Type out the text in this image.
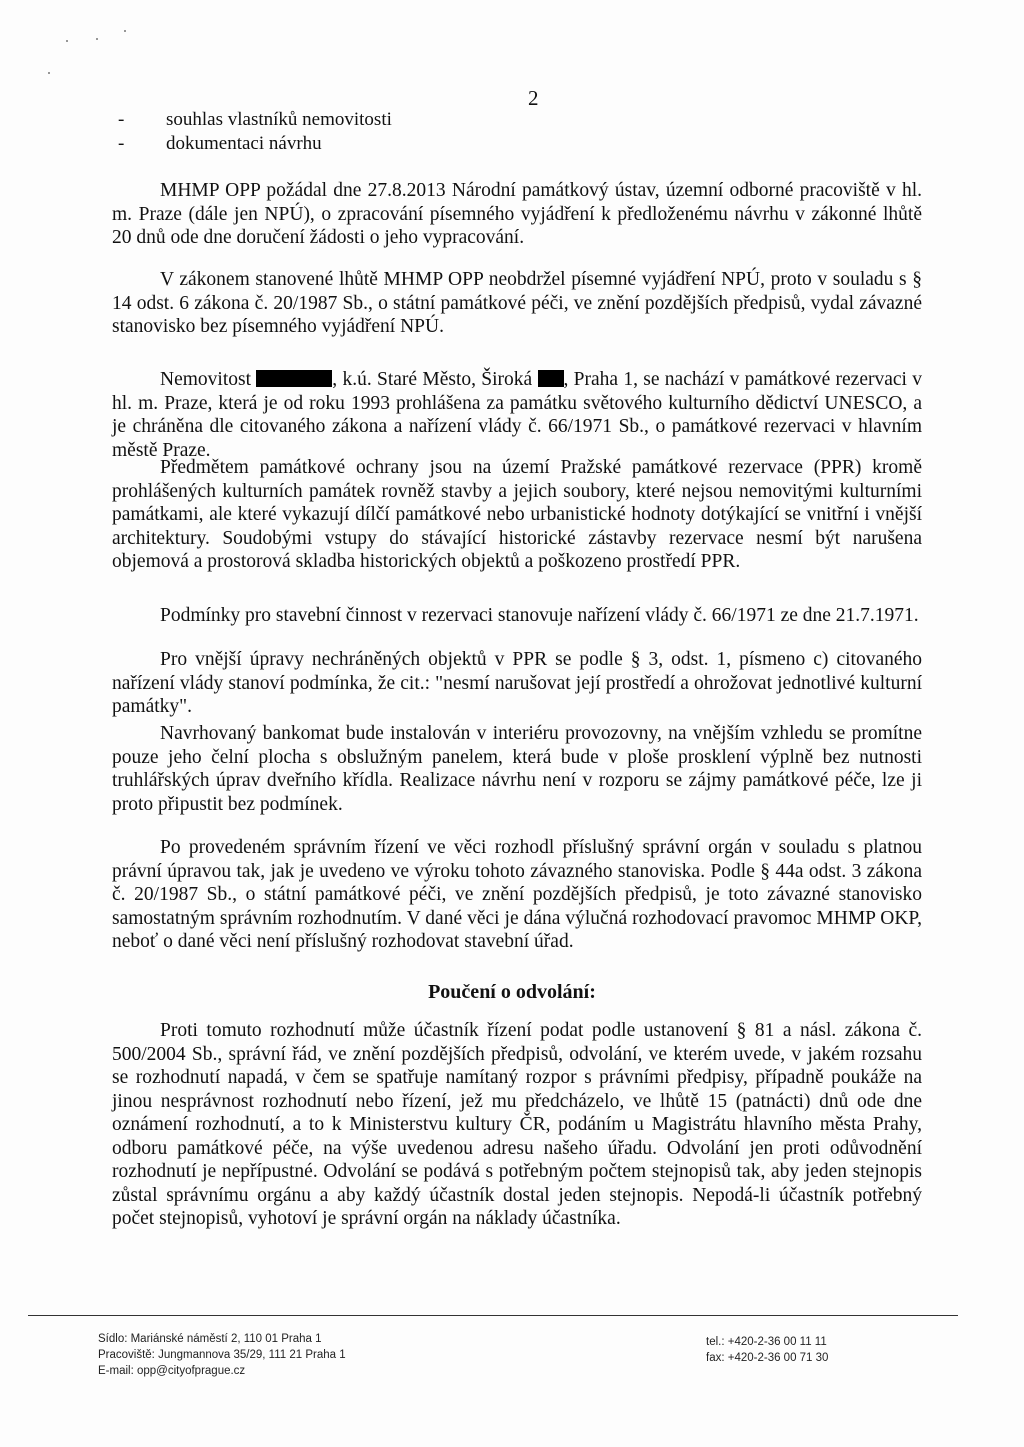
2
- souhlas vlastníků nemovitosti
- dokumentaci návrhu

MHMP OPP požádal dne 27.8.2013 Národní památkový ústav, územní odborné pracoviště v hl. m. Praze (dále jen NPÚ), o zpracování písemného vyjádření k předloženému návrhu v zákonné lhůtě 20 dnů ode dne doručení žádosti o jeho vypracování.

V zákonem stanovené lhůtě MHMP OPP neobdržel písemné vyjádření NPÚ, proto v souladu s § 14 odst. 6 zákona č. 20/1987 Sb., o státní památkové péči, ve znění pozdějších předpisů, vydal závazné stanovisko bez písemného vyjádření NPÚ.

Nemovitost	, k.ú. Staré Město, Široká , Praha 1, se nachází v památkové rezervaci v hl. m. Praze, která je od roku 1993 prohlášena za památku světového kulturního dědictví UNESCO, a je chráněna dle citovaného zákona a nařízení vlády č. 66/1971 Sb., o památkové rezervaci v hlavním městě Praze.

Předmětem památkové ochrany jsou na území Pražské památkové rezervace (PPR) kromě prohlášených kulturních památek rovněž stavby a jejich soubory, které nejsou nemovitými kulturními památkami, ale které vykazují dílčí památkové nebo urbanistické hodnoty dotýkající se vnitřní i vnější architektury. Soudobými vstupy do stávající historické zástavby rezervace nesmí být narušena objemová a prostorová skladba historických objektů a poškozeno prostředí PPR.

Podmínky pro stavební činnost v rezervaci stanovuje nařízení vlády č. 66/1971 ze dne 21.7.1971.

Pro vnější úpravy nechráněných objektů v PPR se podle § 3, odst. 1, písmeno c) citovaného nařízení vlády stanoví podmínka, že cit.: "nesmí narušovat její prostředí a ohrožovat jednotlivé kulturní památky".

Navrhovaný bankomat bude instalován v interiéru provozovny, na vnějším vzhledu se promítne pouze jeho čelní plocha s obslužným panelem, která bude v ploše prosklení výplně bez nutnosti truhlářských úprav dveřního křídla. Realizace návrhu není v rozporu se zájmy památkové péče, lze ji proto připustit bez podmínek.

Po provedeném správním řízení ve věci rozhodl příslušný správní orgán v souladu s platnou právní úpravou tak, jak je uvedeno ve výroku tohoto závazného stanoviska. Podle § 44a odst. 3 zákona č. 20/1987 Sb., o státní památkové péči, ve znění pozdějších předpisů, je toto závazné stanovisko samostatným správním rozhodnutím. V dané věci je dána výlučná rozhodovací pravomoc MHMP OKP, neboť o dané věci není příslušný rozhodovat stavební úřad.

Poučení o odvolání:

Proti tomuto rozhodnutí může účastník řízení podat podle ustanovení § 81 a násl. zákona č. 500/2004 Sb., správní řád, ve znění pozdějších předpisů, odvolání, ve kterém uvede, v jakém rozsahu se rozhodnutí napadá, v čem se spatřuje namítaný rozpor s právními předpisy, případně poukáže na jinou nesprávnost rozhodnutí nebo řízení, jež mu předcházelo, ve lhůtě 15 (patnácti) dnů ode dne oznámení rozhodnutí, a to k Ministerstvu kultury ČR, podáním u Magistrátu hlavního města Prahy, odboru památkové péče, na výše uvedenou adresu našeho úřadu. Odvolání jen proti odůvodnění rozhodnutí je nepřípustné. Odvolání se podává s potřebným počtem stejnopisů tak, aby jeden stejnopis zůstal správnímu orgánu a aby každý účastník dostal jeden stejnopis. Nepodá-li účastník potřebný počet stejnopisů, vyhotoví je správní orgán na náklady účastníka.

Sídlo: Mariánské náměstí 2, 110 01 Praha 1
Pracoviště: Jungmannova 35/29, 111 21 Praha 1
E-mail: opp@cityofprague.cz
tel.: +420-2-36 00 11 11
fax: +420-2-36 00 71 30
